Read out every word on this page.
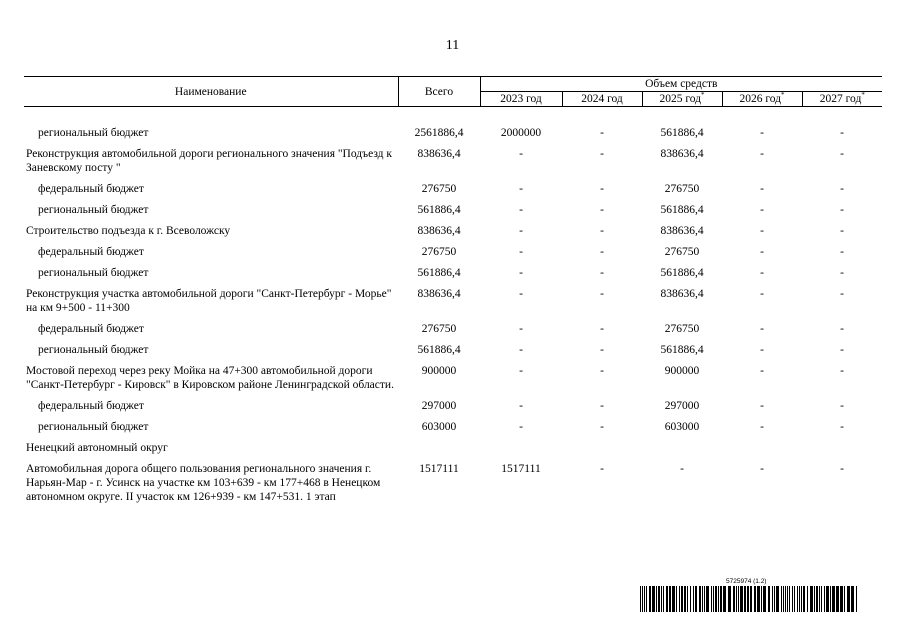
11
Наименование	Всего	Объем средств				
		2023 год	2024 год	2025 год*	2026 год*	2027 год*

региональный бюджет	2561886,4	2000000	-	561886,4	-	-
Реконструкция автомобильной дороги регионального значения "Подъезд к Заневскому посту "	838636,4	-	-	838636,4	-	-
федеральный бюджет	276750	-	-	276750	-	-
региональный бюджет	561886,4	-	-	561886,4	-	-
Строительство подъезда к г. Всеволожску	838636,4	-	-	838636,4	-	-
федеральный бюджет	276750	-	-	276750	-	-
региональный бюджет	561886,4	-	-	561886,4	-	-
Реконструкция участка автомобильной дороги "Санкт-Петербург - Морье" на км 9+500 - 11+300	838636,4	-	-	838636,4	-	-
федеральный бюджет	276750	-	-	276750	-	-
региональный бюджет	561886,4	-	-	561886,4	-	-
Мостовой переход через реку Мойка на 47+300 автомобильной дороги "Санкт-Петербург - Кировск" в Кировском районе Ленинградской области.	900000	-	-	900000	-	-
федеральный бюджет	297000	-	-	297000	-	-
региональный бюджет	603000	-	-	603000	-	-
Ненецкий автономный округ						
Автомобильная дорога общего пользования регионального значения г. Нарьян-Мар - г. Усинск на участке км 103+639 - км 177+468 в Ненецком автономном округе. II участок км 126+939 - км 147+531. 1 этап	1517111	1517111	-	-	-	-
5725974 (1.2)
